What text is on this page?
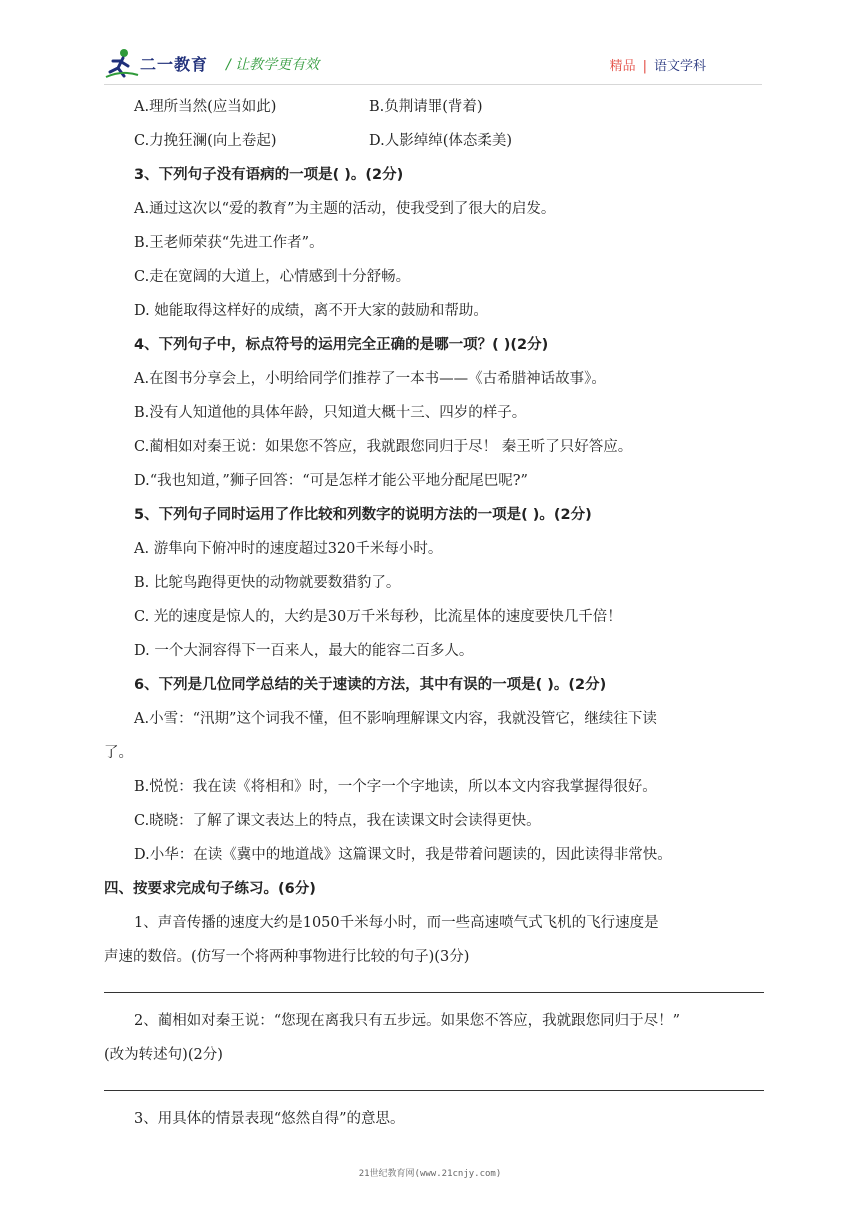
二一教育 / 让教学更有效	精品 | 语文学科
A.理所当然(应当如此)	B.负荆请罪(背着)
C.力挽狂澜(向上卷起)	D.人影绰绰(体态柔美)
3、下列句子没有语病的一项是( )。(2分)
A.通过这次以“爱的教育”为主题的活动，使我受到了很大的启发。
B.王老师荣获“先进工作者”。
C.走在宽阔的大道上，心情感到十分舒畅。
D. 她能取得这样好的成绩，离不开大家的鼓励和帮助。
4、下列句子中，标点符号的运用完全正确的是哪一项？( )(2分)
A.在图书分享会上，小明给同学们推荐了一本书——《古希腊神话故事》。
B.没有人知道他的具体年龄，只知道大概十三、四岁的样子。
C.蔺相如对秦王说：如果您不答应，我就跟您同归于尽！ 秦王听了只好答应。
D.“我也知道，”狮子回答：“可是怎样才能公平地分配尾巴呢?”
5、下列句子同时运用了作比较和列数字的说明方法的一项是( )。(2分)
A. 游隼向下俯冲时的速度超过320千米每小时。
B. 比鸵鸟跑得更快的动物就要数猎豹了。
C. 光的速度是惊人的，大约是30万千米每秒，比流星体的速度要快几千倍！
D. 一个大洞容得下一百来人，最大的能容二百多人。
6、下列是几位同学总结的关于速读的方法，其中有误的一项是( )。(2分)
A.小雪：“汛期”这个词我不懂，但不影响理解课文内容，我就没管它，继续往下读
了。
B.悦悦：我在读《将相和》时，一个字一个字地读，所以本文内容我掌握得很好。
C.晓晓：了解了课文表达上的特点，我在读课文时会读得更快。
D.小华：在读《冀中的地道战》这篇课文时，我是带着问题读的，因此读得非常快。
四、按要求完成句子练习。(6分)
1、声音传播的速度大约是1050千米每小时，而一些高速喷气式飞机的飞行速度是
声速的数倍。(仿写一个将两种事物进行比较的句子)(3分)
2、蔺相如对秦王说：“您现在离我只有五步远。如果您不答应，我就跟您同归于尽！”
(改为转述句)(2分)
3、用具体的情景表现“悠然自得”的意思。
21世纪教育网(www.21cnjy.com)
